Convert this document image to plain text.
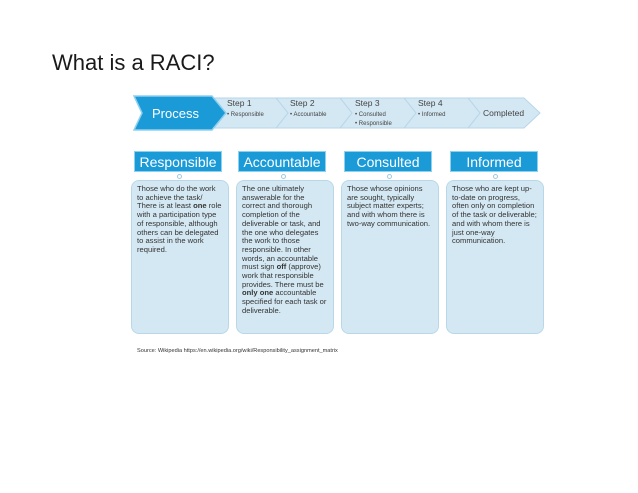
What is a RACI?
Process
Step 1
• Responsible
Step 2
• Accountable
Step 3
• Consulted
• Responsible
Step 4
• Informed	Completed
Responsible	Accountable	Consulted	Informed
Those who do the work to achieve the task/ There is at least one role with a participation type of responsible, although others can be delegated to assist in the work required.
The one ultimately answerable for the correct and thorough completion of the deliverable or task, and the one who delegates the work to those responsible. In other words, an accountable must sign off (approve) work that responsible provides. There must be only one accountable specified for each task or deliverable.
Those whose opinions are sought, typically subject matter experts; and with whom there is two-way communication.
Those who are kept up-to-date on progress, often only on completion of the task or deliverable; and with whom there is just one-way communication.
Source: Wikipedia https://en.wikipedia.org/wiki/Responsibility_assignment_matrix
